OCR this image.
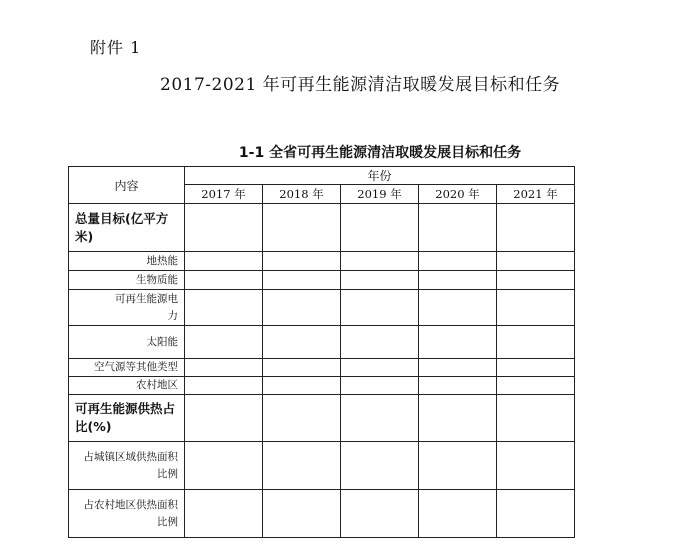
附件 1
2017-2021 年可再生能源清洁取暖发展目标和任务
1-1 全省可再生能源清洁取暖发展目标和任务
内容	年份				
	2017 年	2018 年	2019 年	2020 年	2021 年
总量目标(亿平方米)					
地热能					
生物质能					
可再生能源电力					
太阳能					
空气源等其他类型					
农村地区					
可再生能源供热占比(%)					
占城镇区域供热面积比例					
占农村地区供热面积比例					
